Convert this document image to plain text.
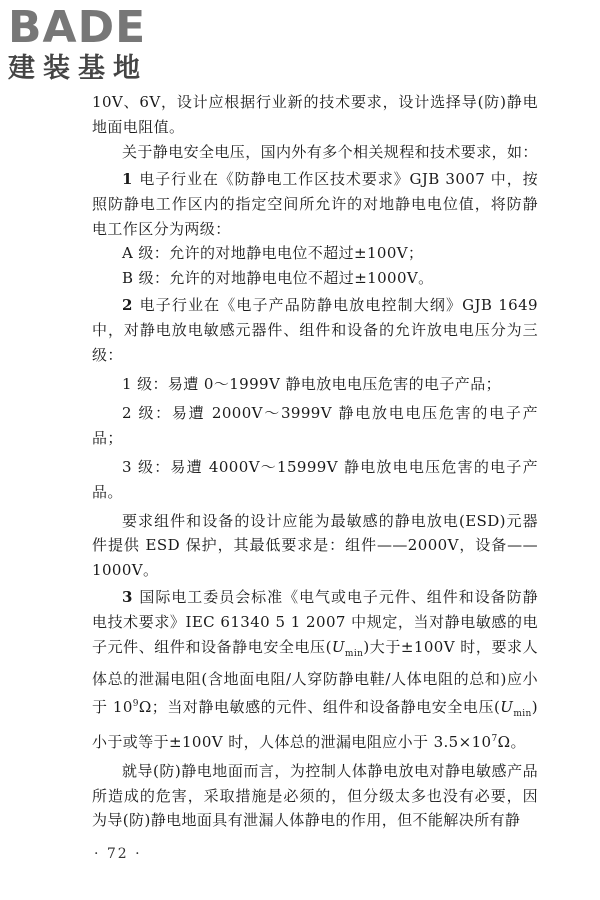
BADE
建装基地

10V、6V，设计应根据行业新的技术要求，设计选择导(防)静电地面电阻值。

关于静电安全电压，国内外有多个相关规程和技术要求，如：

1 电子行业在《防静电工作区技术要求》GJB 3007 中，按照防静电工作区内的指定空间所允许的对地静电电位值，将防静电工作区分为两级：

A 级：允许的对地静电电位不超过±100V；

B 级：允许的对地静电电位不超过±1000V。

2 电子行业在《电子产品防静电放电控制大纲》GJB 1649 中，对静电放电敏感元器件、组件和设备的允许放电电压分为三级：

1 级：易遭 0～1999V 静电放电电压危害的电子产品；

2 级：易遭 2000V～3999V 静电放电电压危害的电子产品；

3 级：易遭 4000V～15999V 静电放电电压危害的电子产品。

要求组件和设备的设计应能为最敏感的静电放电(ESD)元器件提供 ESD 保护，其最低要求是：组件——2000V，设备——1000V。

3 国际电工委员会标准《电气或电子元件、组件和设备防静电技术要求》IEC 61340 5 1 2007 中规定，当对静电敏感的电子元件、组件和设备静电安全电压$(U_{min})$大于±100V 时，要求人体总的泄漏电阻(含地面电阻/人穿防静电鞋/人体电阻的总和)应小于 $10^9\Omega$；当对静电敏感的元件、组件和设备静电安全电压$(U_{min})$小于或等于±100V 时，人体总的泄漏电阻应小于 $3.5\times 10^7\Omega$。

就导(防)静电地面而言，为控制人体静电放电对静电敏感产品所造成的危害，采取措施是必须的，但分级太多也没有必要，因为导(防)静电地面具有泄漏人体静电的作用，但不能解决所有静

· 72 ·
